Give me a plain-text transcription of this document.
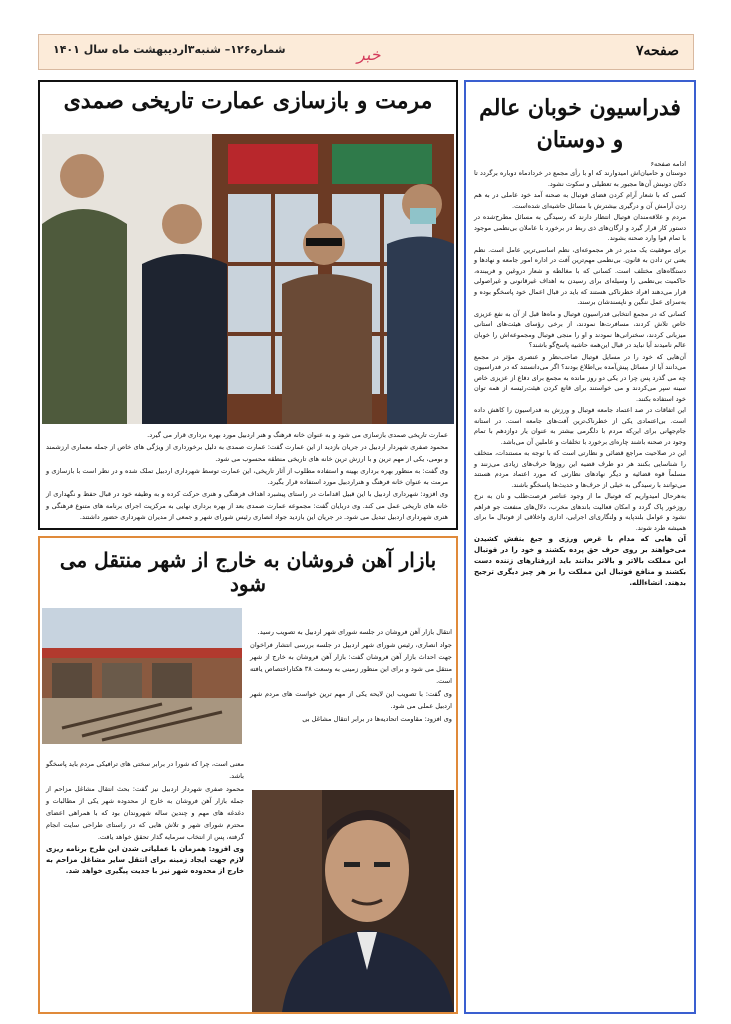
شماره۱۲۶– شنبه۳اردیبهشت ماه سال ۱۴۰۱	خبر	صفحه۷
فدراسیون خوبان عالم و دوستان
ادامه صفحه۶

دوستان و حامیان‌اش امیدوارند که او با رأی مجمع در خردادماه دوباره برگردد تا دکان دونبش آن‌ها مجبور به تعطیلی و سکوت نشود.

کسی که با شعار آرام کردن فضای فوتبال به صحنه آمد خود عاملی در به هم زدن آرامش آن و درگیری بیشترش با مسائل حاشیه‌ای شده‌است.

مردم و علاقه‌مندان فوتبال انتظار دارند که رسیدگی به مسائل مطرح‌شده در دستور کار قرار گیرد و ارگان‌های ذی ربط در برخورد با عاملان بی‌نظمی موجود با تمام قوا وارد صحنه بشوند.

برای موفقیت یک مدیر در هر مجموعه‌ای، نظم اساسی‌ترین عامل است. نظم یعنی تن دادن به قانون. بی‌نظمی مهم‌ترین آفت در اداره امور جامعه و نهادها و دستگاه‌های مختلف است. کسانی که با مغالطه و شعار دروغین و فریبنده، حاکمیت بی‌نظمی را وسیله‌ای برای رسیدن به اهداف غیرقانونی و غیراصولی قرار می‌دهند افراد خطرناکی هستند که باید در قبال اعمال خود پاسخگو بوده و به‌سزای عمل ننگین و ناپسندشان برسند.

کسانی که در مجمع انتخابی فدراسیون فوتبال و ماه‌ها قبل از آن به نفع عزیزی خاص تلاش کردند، مسافرت‌ها نمودند، از برخی رؤسای هیئت‌های استانی میزبانی کردند، سخنرانی‌ها نمودند و او را منجی فوتبال ومجموعه‌اش را خوبان عالم نامیدند آیا نباید در قبال این‌همه حاشیه پاسخ‌گو باشند؟

آن‌هایی که خود را در مسایل فوتبال صاحب‌نظر و عنصری مؤثر در مجمع می‌دانند آیا از مسائل پیش‌آمده بی‌اطلاع بودند؟ اگر می‌دانستند که در فدراسیون چه می گذرد پس چرا در یکی دو روز مانده به مجمع برای دفاع از عزیزی خاص سینه سپر می‌کردند و می خواستند برای قانع کردن هیئت‌رئیسه از همه توان خود استفاده بکنند.

این اتفاقات در صد اعتماد جامعه فوتبال و ورزش به فدراسیون را کاهش داده است. بی‌اعتمادی یکی از خطرناک‌ترین آفت‌های جامعه است. در استانه جام‌جهانی برای این‌که مردم با دلگرمی بیشتر به عنوان یار دوازدهم با تمام وجود در صحنه باشند چاره‌ای برخورد با تخلفات و عاملین آن می‌باشد.

این در صلاحیت مراجع قضائی و نظارتی است که با توجه به مستندات، متخلف را شناسایی بکنند هر دو طرف قضیه این روزها حرف‌های زیادی می‌زنند و مسلماً قوه قضائیه و دیگر نهادهای نظارتی که مورد اعتماد مردم هستند می‌توانند با رسیدگی به خیلی از حرف‌ها و حدیث‌ها پاسخگو باشند.

به‌هرحال امیدواریم که فوتبال ما از وجود عناصر فرصت‌طلب و نان به نرخ روزخور پاک گردد و امکان فعالیت باندهای مخرب، دلال‌های منفعت جو فراهم نشود و عوامل بلندپایه و ولنگاری‌ای اجرایی، اداری واخلاقی از فوتبال ما برای همیشه طرد شوند.

آن هایی که مدام با غرض ورزی و جیغ بنفش کشیدن می‌خواهند بر روی حرف حق پرده بکشند و خود را در فوتبال این مملکت بالاتر و بالاتر بدانند باید ازرفتارهای زننده دست بکشند و منافع فوتبال این مملکت را بر هر چیز دیگری ترجیح بدهند. انشاءالله.

مرمت و بازسازی عمارت تاریخی صمدی

عمارت تاریخی صمدی بازسازی می شود و به عنوان خانه فرهنگ و هنر اردبیل مورد بهره برداری قرار می گیرد.

محمود صفری شهردار اردبیل در جریان بازدید از این عمارت گفت: عمارت صمدی به دلیل برخورداری از ویژگی های خاص از جمله معماری ارزشمند و بومی، یکی از مهم ترین و با ارزش ترین خانه های تاریخی منطقه محسوب می شود.

وی گفت: به منظور بهره برداری بهینه و استفاده مطلوب از آثار تاریخی، این عمارت توسط شهرداری اردبیل تملک شده و در نظر است با بازسازی و مرمت به عنوان خانه فرهنگ و هنراردبیل مورد استفاده قرار بگیرد.

وی افزود: شهرداری اردبیل با این قبیل اقدامات در راستای پیشبرد اهداف فرهنگی و هنری حرکت کرده و به وظیفه خود در قبال حفظ و نگهداری از خانه های تاریخی عمل می کند. وی دربایان گفت: مجموعه عمارت صمدی بعد از بهره برداری نهایی به مرکزیت اجرای برنامه های متنوع فرهنگی و هنری شهرداری اردبیل تبدیل می شود. در جریان این بازدید جواد انصاری رئیس شورای شهر و جمعی از مدیران شهرداری حضور داشتند.

بازار آهن فروشان به خارج از شهر منتقل می شود

انتقال بازار آهن فروشان در جلسه شورای شهر اردبیل به تصویب رسید.

جواد انصاری، رئیس شورای شهر اردبیل در جلسه بررسی انتشار فراخوان جهت احداث بازار آهن فروشان گفت: بازار آهن فروشان به خارج از شهر منتقل می شود و برای این منظور زمینی به وسعت ۳۸ هکتاراختصاص یافته است.

وی گفت: با تصویب این لایحه یکی از مهم ترین خواست های مردم شهر اردبیل عملی می شود.

وی افزود: مقاومت اتحادیه‌ها در برابر انتقال مشاغل بی

معنی است، چرا که شورا در برابر سختی های ترافیکی مردم باید پاسخگو باشد.

محمود صفری شهردار اردبیل نیز گفت: بحث انتقال مشاغل مزاحم از جمله بازار آهن فروشان به خارج از محدوده شهر یکی از مطالبات و دغدغه های مهم و چندین ساله شهروندان بود که با همراهی اعضای محترم شورای شهر و تلاش هایی که در راستای طراحی سایت انجام گرفته، پس از انتخاب سرمایه گذار تحقق خواهد یافت.

وی افزود: همزمان با عملیاتی شدن این طرح برنامه ریزی لازم جهت ایجاد زمینه برای انتقل سایر مشاغل مزاحم به خارج از محدوده شهر نیز با جدیت پیگیری خواهد شد.
